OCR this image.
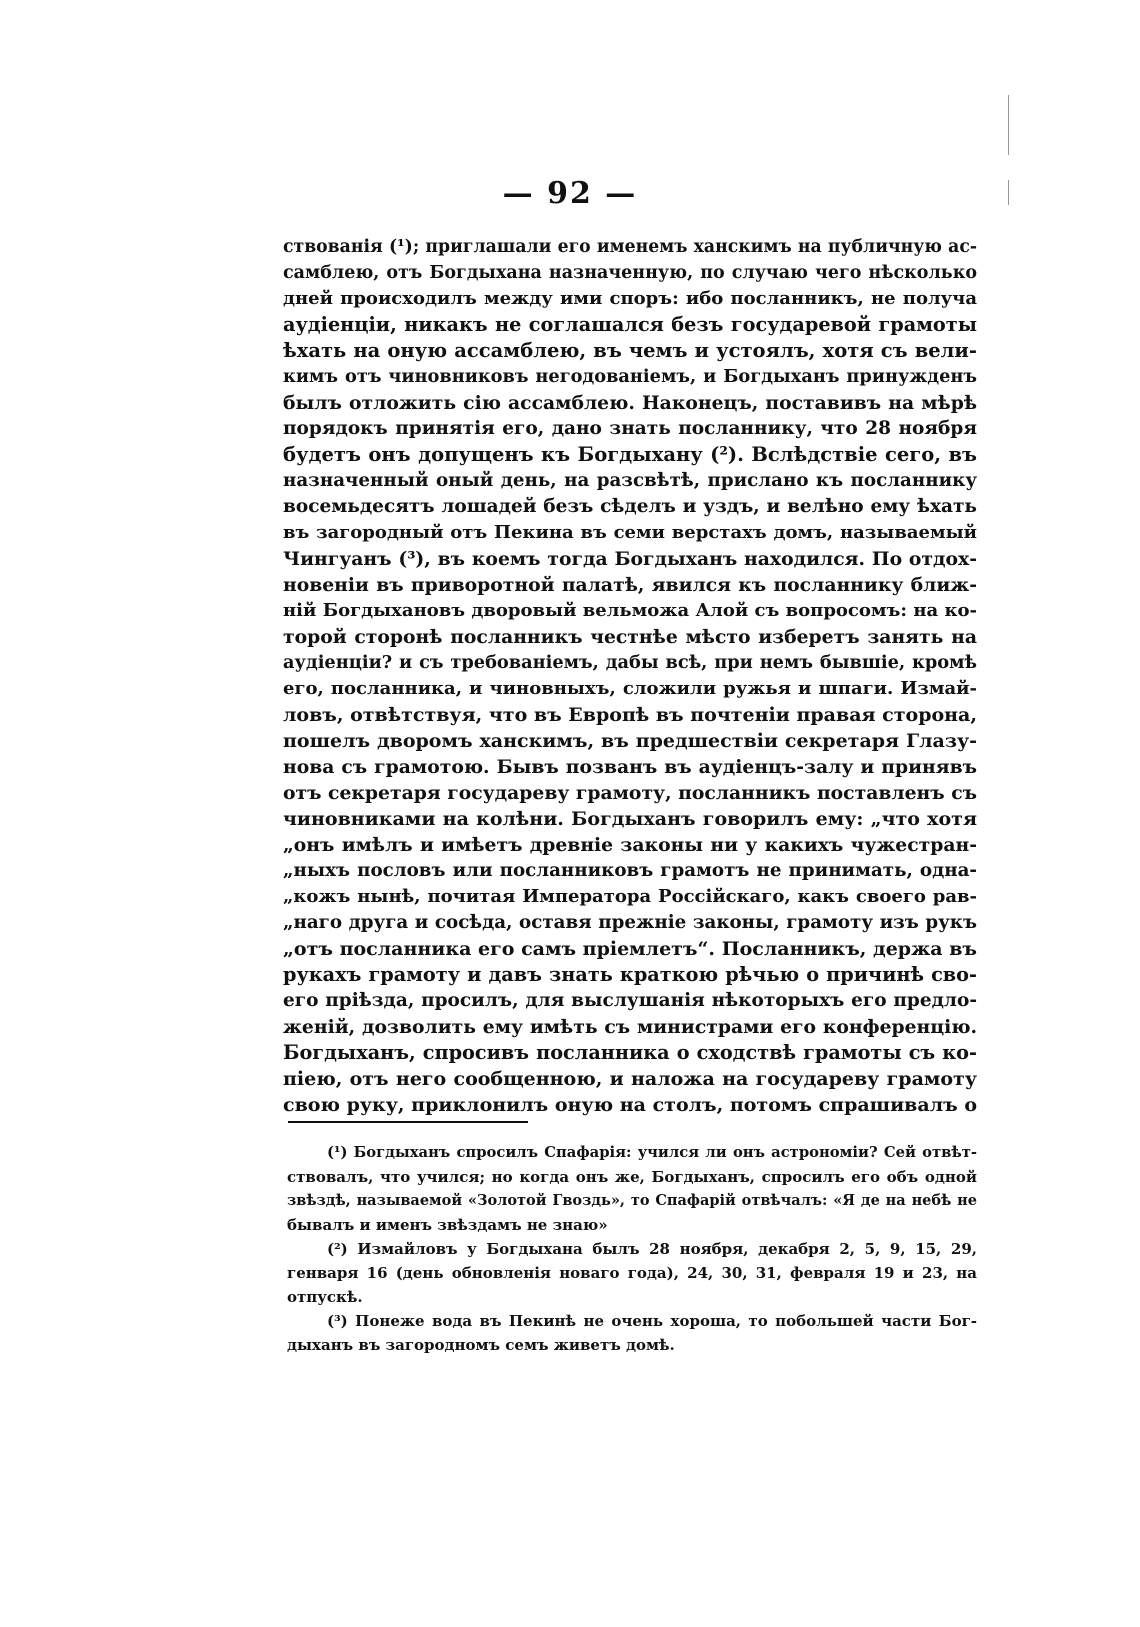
— 92 —
ствованія (¹); приглашали его именемъ ханскимъ на публичную ас-
самблею, отъ Богдыхана назначенную, по случаю чего нѣсколько
дней происходилъ между ими споръ: ибо посланникъ, не получа
аудіенціи, никакъ не соглашался безъ государевой грамоты
ѣхать на оную ассамблею, въ чемъ и устоялъ, хотя съ вели-
кимъ отъ чиновниковъ негодованіемъ, и Богдыханъ принужденъ
былъ отложить сію ассамблею. Наконецъ, поставивъ на мѣрѣ
порядокъ принятія его, дано знать посланнику, что 28 ноября
будетъ онъ допущенъ къ Богдыхану (²). Вслѣдствіе сего, въ
назначенный оный день, на разсвѣтѣ, прислано къ посланнику
восемьдесятъ лошадей безъ сѣделъ и уздъ, и велѣно ему ѣхать
въ загородный отъ Пекина въ семи верстахъ домъ, называемый
Чингуанъ (³), въ коемъ тогда Богдыханъ находился. По отдох-
новеніи въ приворотной палатѣ, явился къ посланнику ближ-
ній Богдыхановъ дворовый вельможа Алой съ вопросомъ: на ко-
торой сторонѣ посланникъ честнѣе мѣсто изберетъ занять на
аудіенціи? и съ требованіемъ, дабы всѣ, при немъ бывшіе, кромѣ
его, посланника, и чиновныхъ, сложили ружья и шпаги. Измай-
ловъ, отвѣтствуя, что въ Европѣ въ почтеніи правая сторона,
пошелъ дворомъ ханскимъ, въ предшествіи секретаря Глазу-
нова съ грамотою. Бывъ позванъ въ аудіенцъ-залу и принявъ
отъ секретаря государеву грамоту, посланникъ поставленъ съ
чиновниками на колѣни. Богдыханъ говорилъ ему: „что хотя
„онъ имѣлъ и имѣетъ древніе законы ни у какихъ чужестран-
„ныхъ пословъ или посланниковъ грамотъ не принимать, одна-
„кожъ нынѣ, почитая Императора Россійскаго, какъ своего рав-
„наго друга и сосѣда, оставя прежніе законы, грамоту изъ рукъ
„отъ посланника его самъ пріемлетъ“. Посланникъ, держа въ
рукахъ грамоту и давъ знать краткою рѣчью о причинѣ сво-
его пріѣзда, просилъ, для выслушанія нѣкоторыхъ его предло-
женій, дозволить ему имѣть съ министрами его конференцію.
Богдыханъ, спросивъ посланника о сходствѣ грамоты съ ко-
піею, отъ него сообщенною, и наложа на государеву грамоту
свою руку, приклонилъ оную на столъ, потомъ спрашивалъ о
(¹) Богдыханъ спросилъ Спафарія: учился ли онъ астрономіи? Сей отвѣт-
ствовалъ, что учился; но когда онъ же, Богдыханъ, спросилъ его объ одной
звѣздѣ, называемой «Золотой Гвоздь», то Спафарій отвѣчалъ: «Я де на небѣ не
бывалъ и именъ звѣздамъ не знаю»
(²) Измайловъ у Богдыхана былъ 28 ноября, декабря 2, 5, 9, 15, 29,
генваря 16 (день обновленія новаго года), 24, 30, 31, февраля 19 и 23, на
отпускѣ.
(³) Понеже вода въ Пекинѣ не очень хороша, то побольшей части Бог-
дыханъ въ загородномъ семъ живетъ домѣ.
